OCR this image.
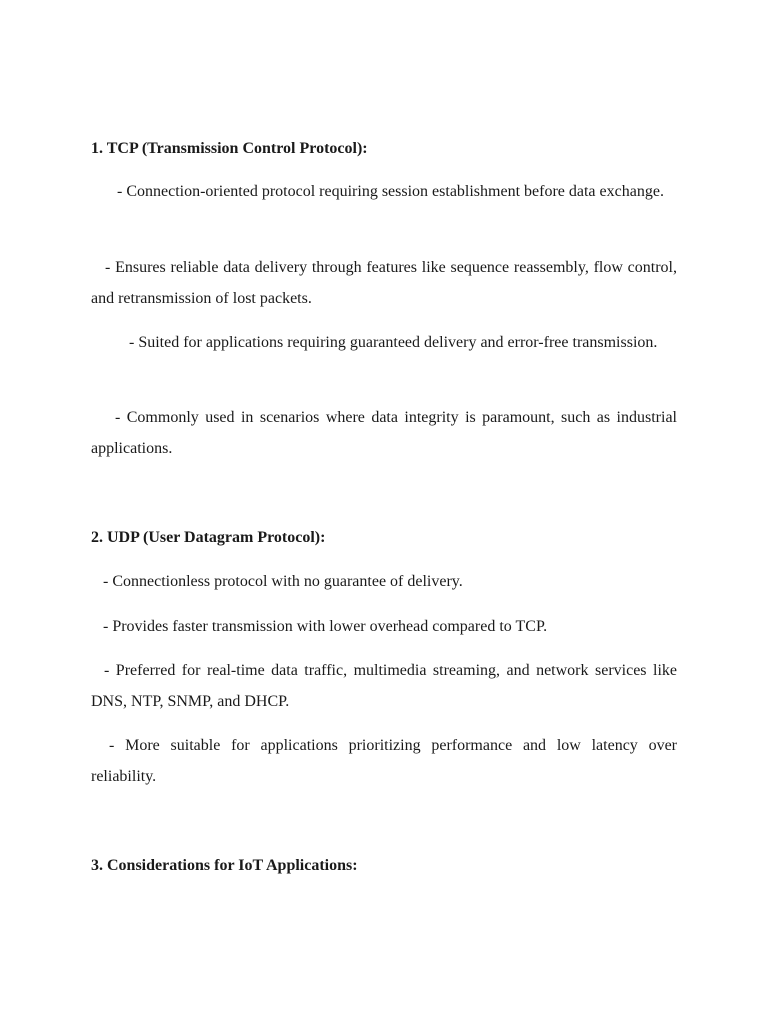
1. TCP (Transmission Control Protocol):
- Connection-oriented protocol requiring session establishment before data exchange.
- Ensures reliable data delivery through features like sequence reassembly, flow control, and retransmission of lost packets.
- Suited for applications requiring guaranteed delivery and error-free transmission.
- Commonly used in scenarios where data integrity is paramount, such as industrial applications.
2. UDP (User Datagram Protocol):
- Connectionless protocol with no guarantee of delivery.
- Provides faster transmission with lower overhead compared to TCP.
- Preferred for real-time data traffic, multimedia streaming, and network services like DNS, NTP, SNMP, and DHCP.
- More suitable for applications prioritizing performance and low latency over reliability.
3. Considerations for IoT Applications:
